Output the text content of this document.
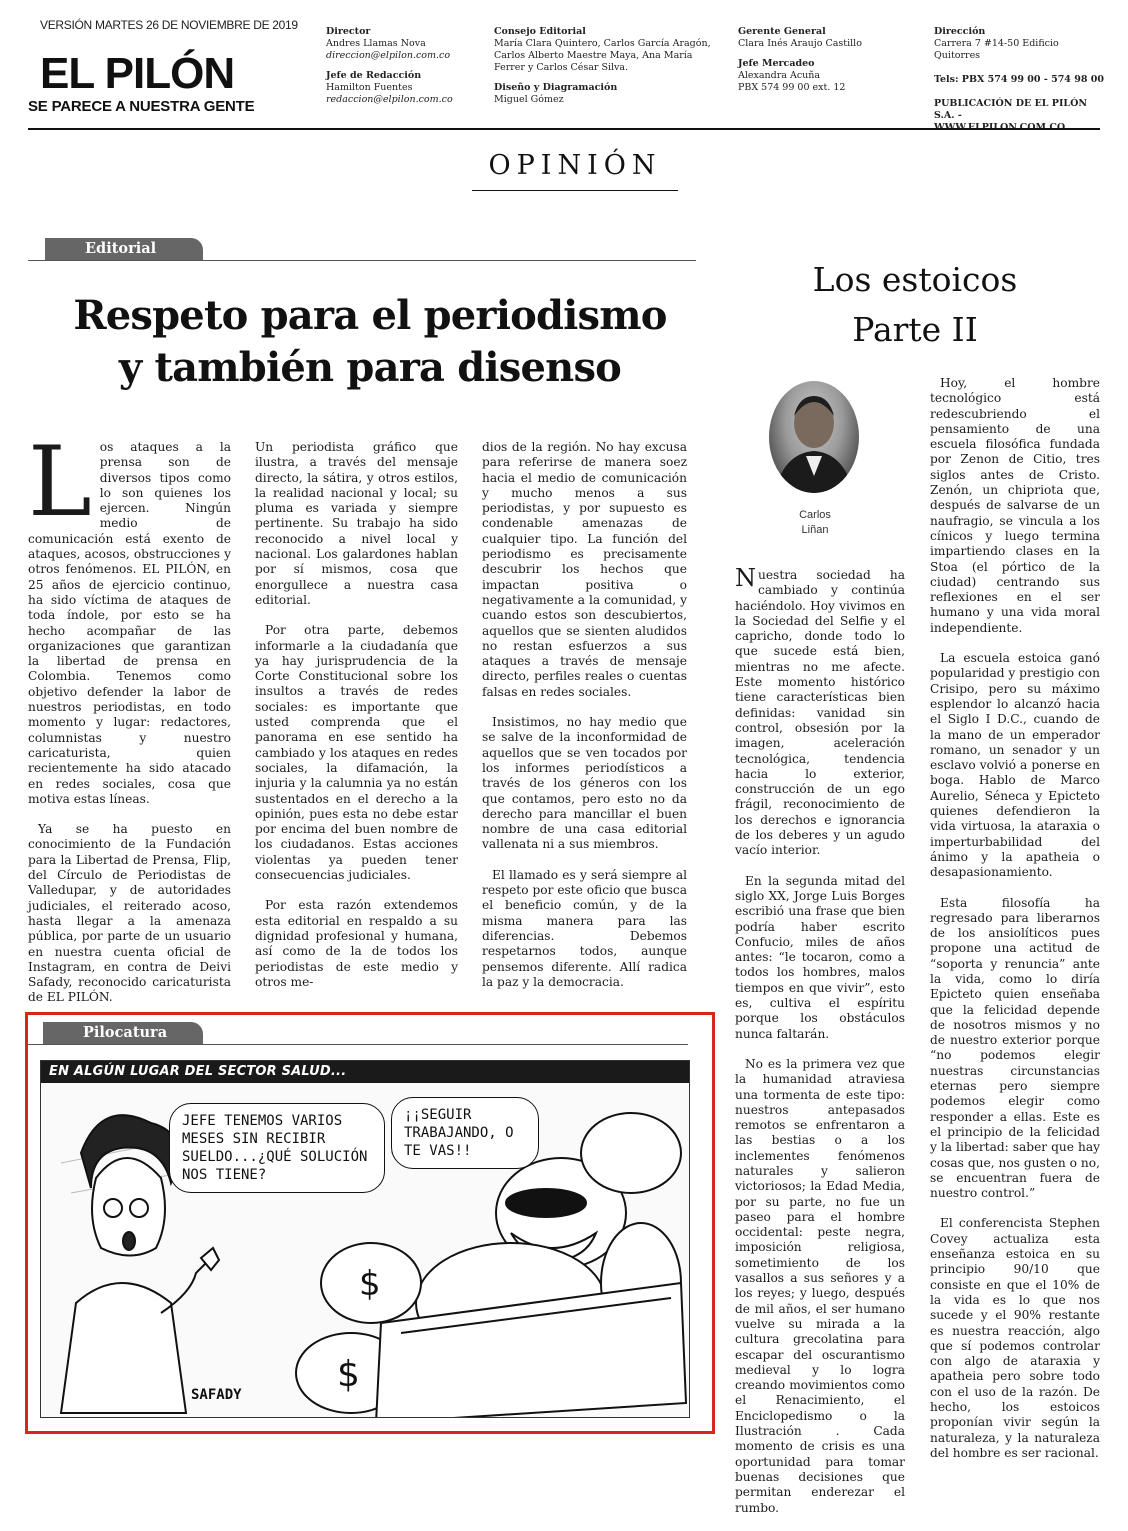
VERSIÓN MARTES 26 DE NOVIEMBRE DE 2019
EL PILÓN
SE PARECE A NUESTRA GENTE
Director
Andres Llamas Nova
direccion@elpilon.com.co

Jefe de Redacción
Hamilton Fuentes
redaccion@elpilon.com.co
Consejo Editorial
María Clara Quintero, Carlos García Aragón,
Carlos Alberto Maestre Maya, Ana María
Ferrer y Carlos César Silva.

Diseño y Diagramación
Miguel Gómez
Gerente General
Clara Inés Araujo Castillo

Jefe Mercadeo
Alexandra Acuña
PBX 574 99 00 ext. 12
Dirección
Carrera 7 #14-50 Edificio Quitorres

Tels: PBX 574 99 00 - 574 98 00

PUBLICACIÓN DE EL PILÓN S.A. -
WWW.ELPILON.COM.CO
OPINIÓN
Editorial
Respeto para el periodismo
y también para disenso

Los ataques a la prensa son de diversos tipos como lo son quienes los ejercen. Ningún medio de comunicación está exento de ataques, acosos, obstrucciones y otros fenómenos. EL PILÓN, en 25 años de ejercicio continuo, ha sido víctima de ataques de toda índole, por esto se ha hecho acompañar de las organizaciones que garantizan la libertad de prensa en Colombia. Tenemos como objetivo defender la labor de nuestros periodistas, en todo momento y lugar: redactores, columnistas y nuestro caricaturista, quien recientemente ha sido atacado en redes sociales, cosa que motiva estas líneas.

Ya se ha puesto en conocimiento de la Fundación para la Libertad de Prensa, Flip, del Círculo de Periodistas de Valledupar, y de autoridades judiciales, el reiterado acoso, hasta llegar a la amenaza pública, por parte de un usuario en nuestra cuenta oficial de Instagram, en contra de Deivi Safady, reconocido caricaturista de EL PILÓN.

Un periodista gráfico que ilustra, a través del mensaje directo, la sátira, y otros estilos, la realidad nacional y local; su pluma es variada y siempre pertinente. Su trabajo ha sido reconocido a nivel local y nacional. Los galardones hablan por sí mismos, cosa que enorgullece a nuestra casa editorial.

Por otra parte, debemos informarle a la ciudadanía que ya hay jurisprudencia de la Corte Constitucional sobre los insultos a través de redes sociales: es importante que usted comprenda que el panorama en ese sentido ha cambiado y los ataques en redes sociales, la difamación, la injuria y la calumnia ya no están sustentados en el derecho a la opinión, pues esta no debe estar por encima del buen nombre de los ciudadanos. Estas acciones violentas ya pueden tener consecuencias judiciales.

Por esta razón extendemos esta editorial en respaldo a su dignidad profesional y humana, así como de la de todos los periodistas de este medio y otros me-

dios de la región. No hay excusa para referirse de manera soez hacia el medio de comunicación y mucho menos a sus periodistas, y por supuesto es condenable amenazas de cualquier tipo. La función del periodismo es precisamente descubrir los hechos que impactan positiva o negativamente a la comunidad, y cuando estos son descubiertos, aquellos que se sienten aludidos no restan esfuerzos a sus ataques a través de mensaje directo, perfiles reales o cuentas falsas en redes sociales.

Insistimos, no hay medio que se salve de la inconformidad de aquellos que se ven tocados por los informes periodísticos a través de los géneros con los que contamos, pero esto no da derecho para mancillar el buen nombre de una casa editorial vallenata ni a sus miembros.

El llamado es y será siempre al respeto por este oficio que busca el beneficio común, y de la misma manera para las diferencias. Debemos respetarnos todos, aunque pensemos diferente. Allí radica la paz y la democracia.

Pilocatura
EN ALGÚN LUGAR DEL SECTOR SALUD...
$
$
JEFE TENEMOS VARIOS MESES SIN RECIBIR SUELDO...¿QUÉ SOLUCIÓN NOS TIENE?
¡¡SEGUIR TRABAJANDO, O TE VAS!!
SAFADY
Los estoicos
Parte II
Carlos
Liñan

Nuestra sociedad ha cambiado y continúa haciéndolo. Hoy vivimos en la Sociedad del Selfie y el capricho, donde todo lo que sucede está bien, mientras no me afecte. Este momento histórico tiene características bien definidas: vanidad sin control, obsesión por la imagen, aceleración tecnológica, tendencia hacia lo exterior, construcción de un ego frágil, reconocimiento de los derechos e ignorancia de los deberes y un agudo vacío interior.

En la segunda mitad del siglo XX, Jorge Luis Borges escribió una frase que bien podría haber escrito Confucio, miles de años antes: “le tocaron, como a todos los hombres, malos tiempos en que vivir”, esto es, cultiva el espíritu porque los obstáculos nunca faltarán.

No es la primera vez que la humanidad atraviesa una tormenta de este tipo: nuestros antepasados remotos se enfrentaron a las bestias o a los inclementes fenómenos naturales y salieron victoriosos; la Edad Media, por su parte, no fue un paseo para el hombre occidental: peste negra, imposición religiosa, sometimiento de los vasallos a sus señores y a los reyes; y luego, después de mil años, el ser humano vuelve su mirada a la cultura grecolatina para escapar del oscurantismo medieval y lo logra creando movimientos como el Renacimiento, el Enciclopedismo o la Ilustración . Cada momento de crisis es una oportunidad para tomar buenas decisiones que permitan enderezar el rumbo.

Hoy, el hombre tecnológico está redescubriendo el pensamiento de una escuela filosófica fundada por Zenon de Citio, tres siglos antes de Cristo. Zenón, un chipriota que, después de salvarse de un naufragio, se vincula a los cínicos y luego termina impartiendo clases en la Stoa (el pórtico de la ciudad) centrando sus reflexiones en el ser humano y una vida moral independiente.

La escuela estoica ganó popularidad y prestigio con Crisipo, pero su máximo esplendor lo alcanzó hacia el Siglo I D.C., cuando de la mano de un emperador romano, un senador y un esclavo volvió a ponerse en boga. Hablo de Marco Aurelio, Séneca y Epicteto quienes defendieron la vida virtuosa, la ataraxia o imperturbabilidad del ánimo y la apatheia o desapasionamiento.

Esta filosofía ha regresado para liberarnos de los ansiolíticos pues propone una actitud de “soporta y renuncia” ante la vida, como lo diría Epicteto quien enseñaba que la felicidad depende de nosotros mismos y no de nuestro exterior porque “no podemos elegir nuestras circunstancias eternas pero siempre podemos elegir como responder a ellas. Este es el principio de la felicidad y la libertad: saber que hay cosas que, nos gusten o no, se encuentran fuera de nuestro control.”

El conferencista Stephen Covey actualiza esta enseñanza estoica en su principio 90/10 que consiste en que el 10% de la vida es lo que nos sucede y el 90% restante es nuestra reacción, algo que sí podemos controlar con algo de ataraxia y apatheia pero sobre todo con el uso de la razón. De hecho, los estoicos proponían vivir según la naturaleza, y la naturaleza del hombre es ser racional.
